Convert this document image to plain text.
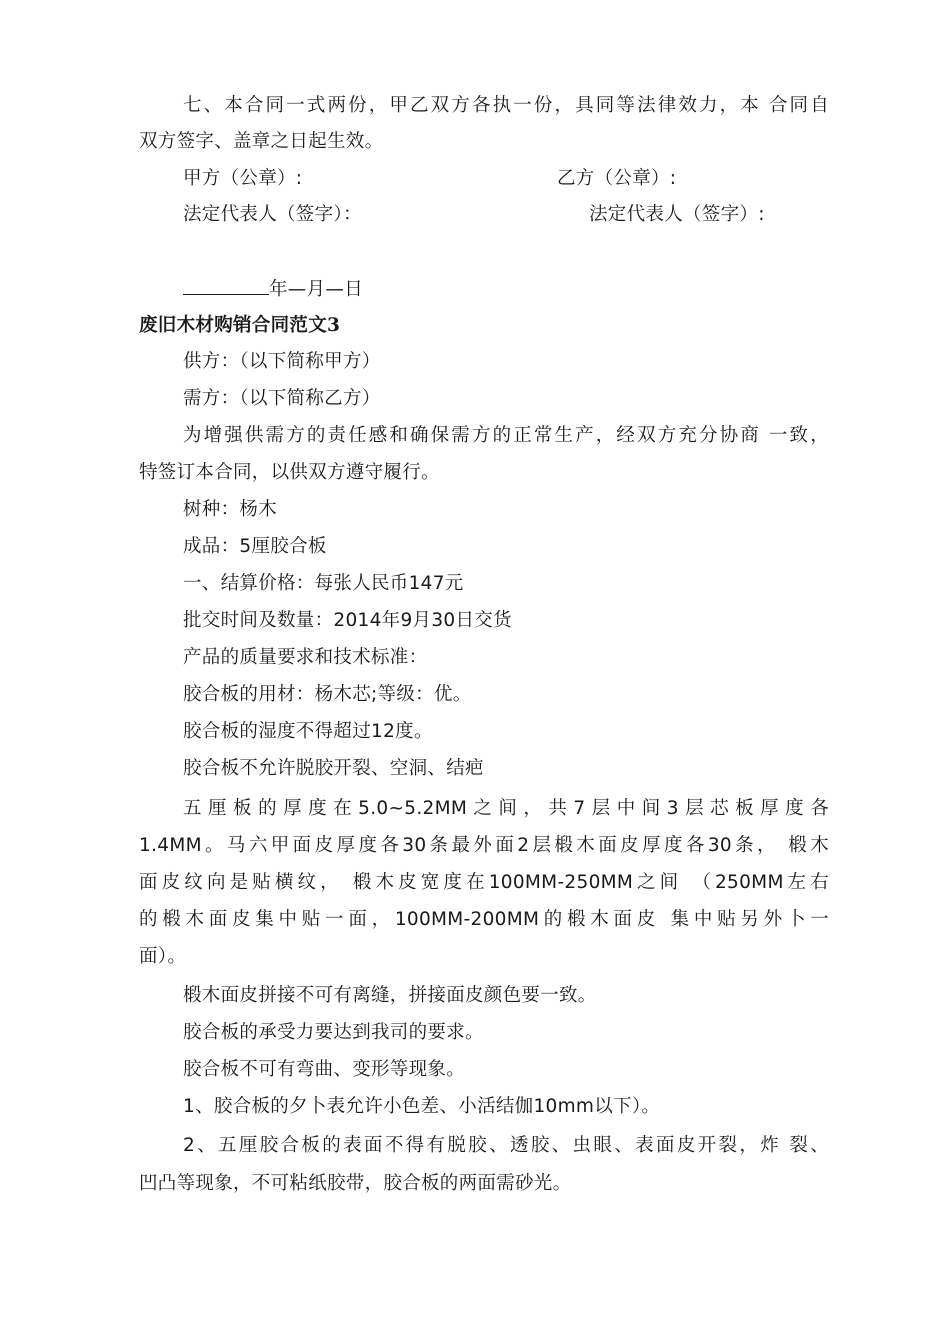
七、本合同一式两份，甲乙双方各执一份，具同等法律效力，本 合同自
双方签字、盖章之日起生效。
甲方（公章）:	乙方（公章）:
法定代表人（签字）：	法定代表人（签字）:
年—月—日
废旧木材购销合同范文3
供方：（以下简称甲方）
需方：（以下简称乙方）
为增强供需方的责任感和确保需方的正常生产，经双方充分协商 一致，
特签订本合同，以供双方遵守履行。
树种：杨木
成品：5厘胶合板
一、结算价格：每张人民币147元
批交时间及数量：2014年9月30日交货
产品的质量要求和技术标准：
胶合板的用材：杨木芯;等级：优。
胶合板的湿度不得超过12度。
胶合板不允许脱胶开裂、空洞、结疤
五厘板的厚度在5.0~5.2MM之间，共7层中间3层芯板厚度各
1.4MM。马六甲面皮厚度各30条最外面2层椴木面皮厚度各30条， 椴木
面皮纹向是贴横纹， 椴木皮宽度在100MM-250MM之间 （250MM左右
的椴木面皮集中贴一面，100MM-200MM的椴木面皮 集中贴另外卜一
面）。
椴木面皮拼接不可有离缝，拼接面皮颜色要一致。
胶合板的承受力要达到我司的要求。
胶合板不可有弯曲、变形等现象。
1、胶合板的夕卜表允许小色差、小活结伽10mm以下）。
2、五厘胶合板的表面不得有脱胶、透胶、虫眼、表面皮开裂，炸 裂、
凹凸等现象，不可粘纸胶带，胶合板的两面需砂光。
